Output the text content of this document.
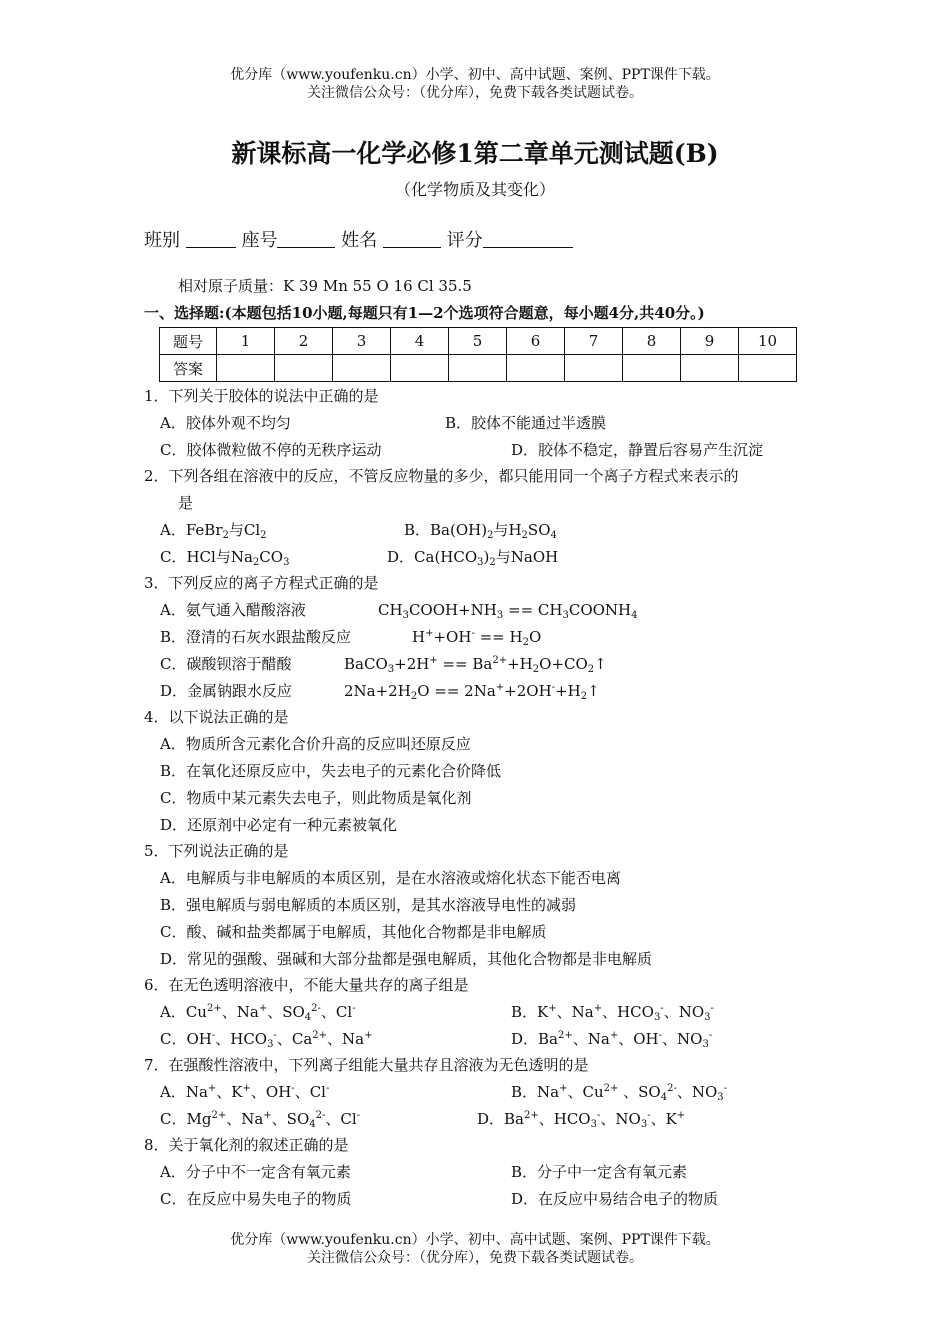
优分库（www.youfenku.cn）小学、初中、高中试题、案例、PPT课件下载。
关注微信公众号：（优分库），免费下载各类试题试卷。
新课标高一化学必修1第二章单元测试题(B)
（化学物质及其变化）
班别	座号	姓名	评分
相对原子质量：K 39 Mn 55 O 16 Cl 35.5
一、选择题:(本题包括10小题,每题只有1—2个选项符合题意，每小题4分,共40分。)
题号	1	2	3	4	5	6	7	8	9	10
答案										
1．下列关于胶体的说法中正确的是
A．胶体外观不均匀	B．胶体不能通过半透膜
C．胶体微粒做不停的无秩序运动	D．胶体不稳定，静置后容易产生沉淀
2．下列各组在溶液中的反应，不管反应物量的多少，都只能用同一个离子方程式来表示的
是
A．FeBr$_2$与$Cl_2$	B．$Ba(OH)_2$与$H_2SO_4$
C．HCl与$Na_2CO_3$	D．$Ca(HCO_3)_2$与NaOH
3．下列反应的离子方程式正确的是
A．氨气通入醋酸溶液	$CH_3COOH+NH_3$ == $CH_3COONH_4$
B．澄清的石灰水跟盐酸反应	$H^++OH^- == H_2O$
C．碳酸钡溶于醋酸	BaCO$_3$+2H+ == $Ba^{2+}+H_2O+CO_2↑$
D．金属钠跟水反应	$2Na+2H_2O$ == $2Na^++2OH^-+H_2↑$
4．以下说法正确的是
A．物质所含元素化合价升高的反应叫还原反应
B．在氧化还原反应中，失去电子的元素化合价降低
C．物质中某元素失去电子，则此物质是氧化剂
D．还原剂中必定有一种元素被氧化
5．下列说法正确的是
A．电解质与非电解质的本质区别，是在水溶液或熔化状态下能否电离
B．强电解质与弱电解质的本质区别，是其水溶液导电性的减弱
C．酸、碱和盐类都属于电解质，其他化合物都是非电解质
D．常见的强酸、强碱和大部分盐都是强电解质，其他化合物都是非电解质
6．在无色透明溶液中，不能大量共存的离子组是
A．$Cu^{2+}$、Na+、$SO_4^{2-}$、Cl-	B．K+、Na+、$HCO_3^-$、$NO_3^-$
C．OH-、$HCO_3^-$、$Ca^{2+}$、Na+	D．$Ba^{2+}$、Na+、OH-、$NO_3^-$
7．在强酸性溶液中，下列离子组能大量共存且溶液为无色透明的是
A．Na+、K+、OH-、Cl-	B．Na+、$Cu^{2+}$ 、$SO_4^{2-}$、$NO_3^-$
C．$Mg^{2+}$、Na+、$SO_4^{2-}$、Cl-	D．$Ba^{2+}$、$HCO_3^-$、$NO_3^-$、K+
8．关于氧化剂的叙述正确的是
A．分子中不一定含有氧元素	B．分子中一定含有氧元素
C．在反应中易失电子的物质	D．在反应中易结合电子的物质
优分库（www.youfenku.cn）小学、初中、高中试题、案例、PPT课件下载。
关注微信公众号：（优分库），免费下载各类试题试卷。
